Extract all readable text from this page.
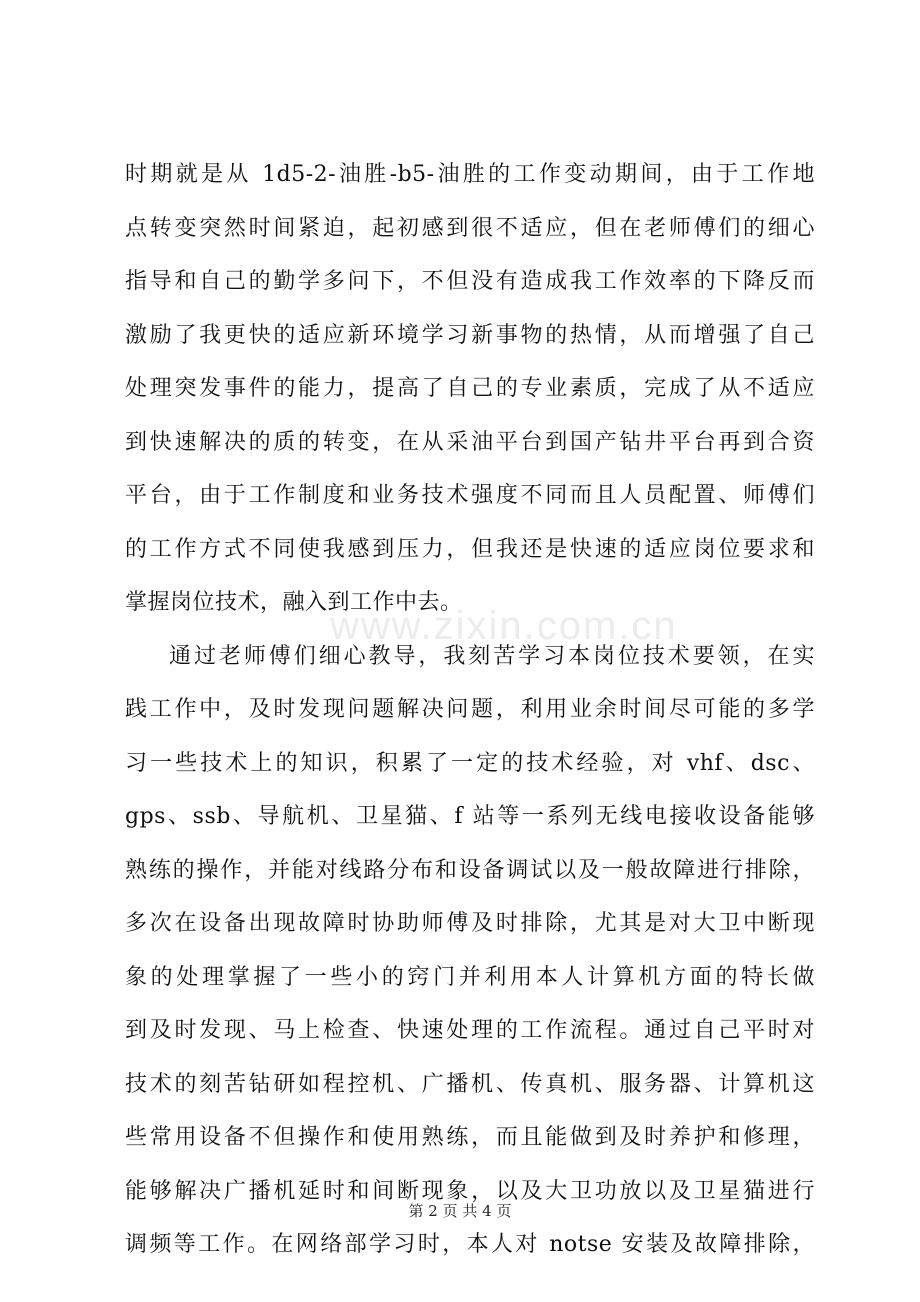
www.zixin.com.cn
时期就是从 1d5-2-油胜-b5-油胜的工作变动期间，由于工作地
点转变突然时间紧迫，起初感到很不适应，但在老师傅们的细心
指导和自己的勤学多问下，不但没有造成我工作效率的下降反而
激励了我更快的适应新环境学习新事物的热情，从而增强了自己
处理突发事件的能力，提高了自己的专业素质，完成了从不适应
到快速解决的质的转变，在从采油平台到国产钻井平台再到合资
平台，由于工作制度和业务技术强度不同而且人员配置、师傅们
的工作方式不同使我感到压力，但我还是快速的适应岗位要求和
掌握岗位技术，融入到工作中去。
通过老师傅们细心教导，我刻苦学习本岗位技术要领，在实
践工作中，及时发现问题解决问题，利用业余时间尽可能的多学
习一些技术上的知识，积累了一定的技术经验，对 vhf、dsc、
gps、ssb、导航机、卫星猫、f 站等一系列无线电接收设备能够
熟练的操作，并能对线路分布和设备调试以及一般故障进行排除，
多次在设备出现故障时协助师傅及时排除，尤其是对大卫中断现
象的处理掌握了一些小的窍门并利用本人计算机方面的特长做
到及时发现、马上检查、快速处理的工作流程。通过自己平时对
技术的刻苦钻研如程控机、广播机、传真机、服务器、计算机这
些常用设备不但操作和使用熟练，而且能做到及时养护和修理，
能够解决广播机延时和间断现象，以及大卫功放以及卫星猫进行
调频等工作。在网络部学习时，本人对 notse 安装及故障排除，
第 2 页 共 4 页
